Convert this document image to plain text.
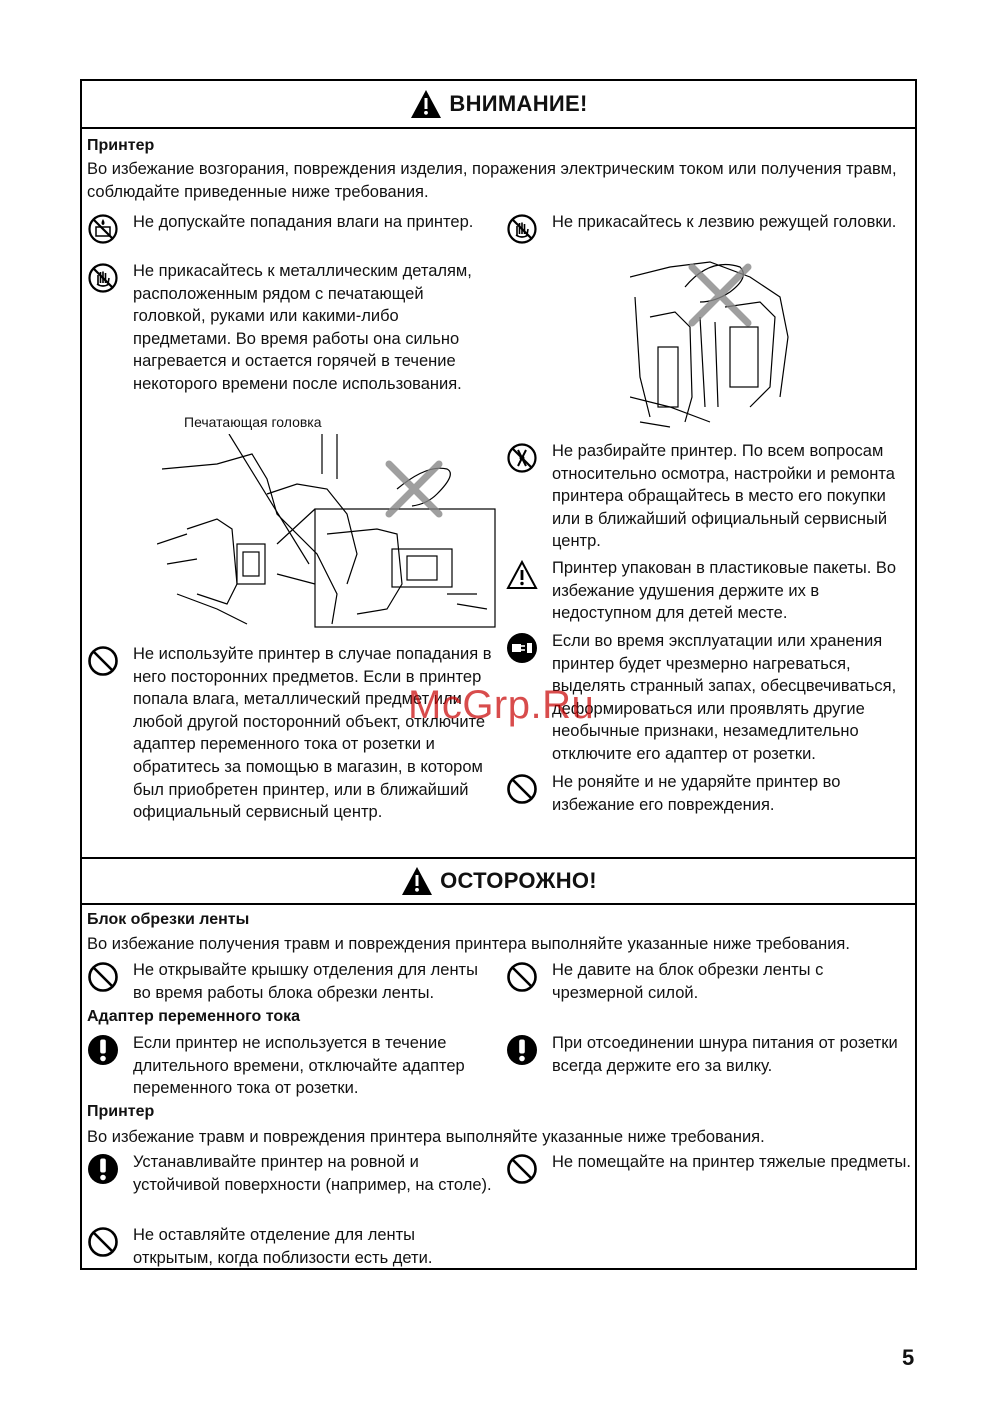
ВНИМАНИЕ!
Принтер
Во избежание возгорания, повреждения изделия, поражения электрическим током или получения травм, соблюдайте приведенные ниже требования.
Не допускайте попадания влаги на принтер.
Не прикасайтесь к металлическим деталям, расположенным рядом с печатающей головкой, руками или какими-либо предметами. Во время работы она сильно нагревается и остается горячей в течение некоторого времени после использования.
Печатающая головка
Не используйте принтер в случае попадания в него посторонних предметов. Если в принтер попала влага, металлический предмет или любой другой посторонний объект, отключите адаптер переменного тока от розетки и обратитесь за помощью в магазин, в котором был приобретен принтер, или в ближайший официальный сервисный центр.
Не прикасайтесь к лезвию режущей головки.
Не разбирайте принтер. По всем вопросам относительно осмотра, настройки и ремонта принтера обращайтесь в место его покупки или в ближайший официальный сервисный центр.
Принтер упакован в пластиковые пакеты. Во избежание удушения держите их в недоступном для детей месте.
Если во время эксплуатации или хранения принтер будет чрезмерно нагреваться, выделять странный запах, обесцвечиваться, деформироваться или проявлять другие необычные признаки, незамедлительно отключите его адаптер от розетки.
Не роняйте и не ударяйте принтер во избежание его повреждения.
ОСТОРОЖНО!
Блок обрезки ленты
Во избежание получения травм и повреждения принтера выполняйте указанные ниже требования.
Не открывайте крышку отделения для ленты во время работы блока обрезки ленты.
Не давите на блок обрезки ленты с чрезмерной силой.
Адаптер переменного тока
Если принтер не используется в течение длительного времени, отключайте адаптер переменного тока от розетки.
При отсоединении шнура питания от розетки всегда держите его за вилку.
Принтер
Во избежание травм и повреждения принтера выполняйте указанные ниже требования.
Устанавливайте принтер на ровной и устойчивой поверхности (например, на столе).
Не помещайте на принтер тяжелые предметы.
Не оставляйте отделение для ленты открытым, когда поблизости есть дети.
McGrp.Ru
5
